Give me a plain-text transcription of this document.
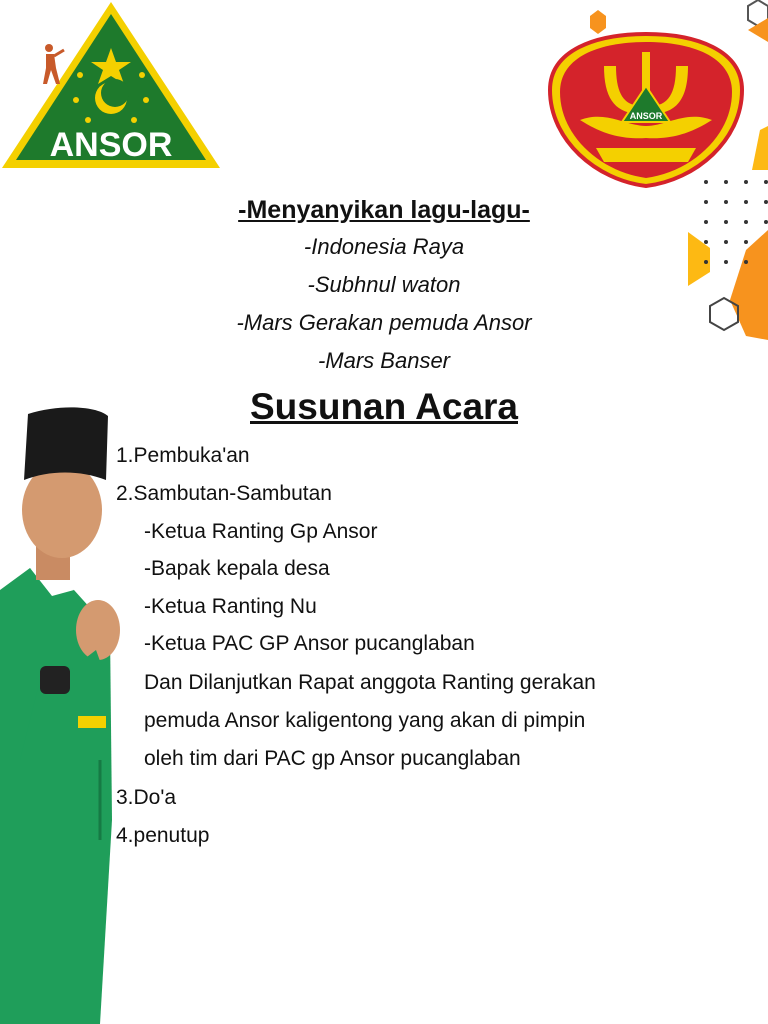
ANSOR
ANSOR
-Menyanyikan lagu-lagu-
-Indonesia Raya
-Subhnul waton
-Mars Gerakan pemuda Ansor
-Mars Banser
Susunan Acara
1.Pembuka'an
2.Sambutan-Sambutan
-Ketua Ranting Gp Ansor
-Bapak kepala desa
-Ketua Ranting Nu
-Ketua PAC GP Ansor pucanglaban
Dan Dilanjutkan Rapat anggota Ranting gerakan
pemuda Ansor kaligentong yang akan di pimpin
oleh tim dari PAC gp Ansor pucanglaban
3.Do'a
4.penutup
